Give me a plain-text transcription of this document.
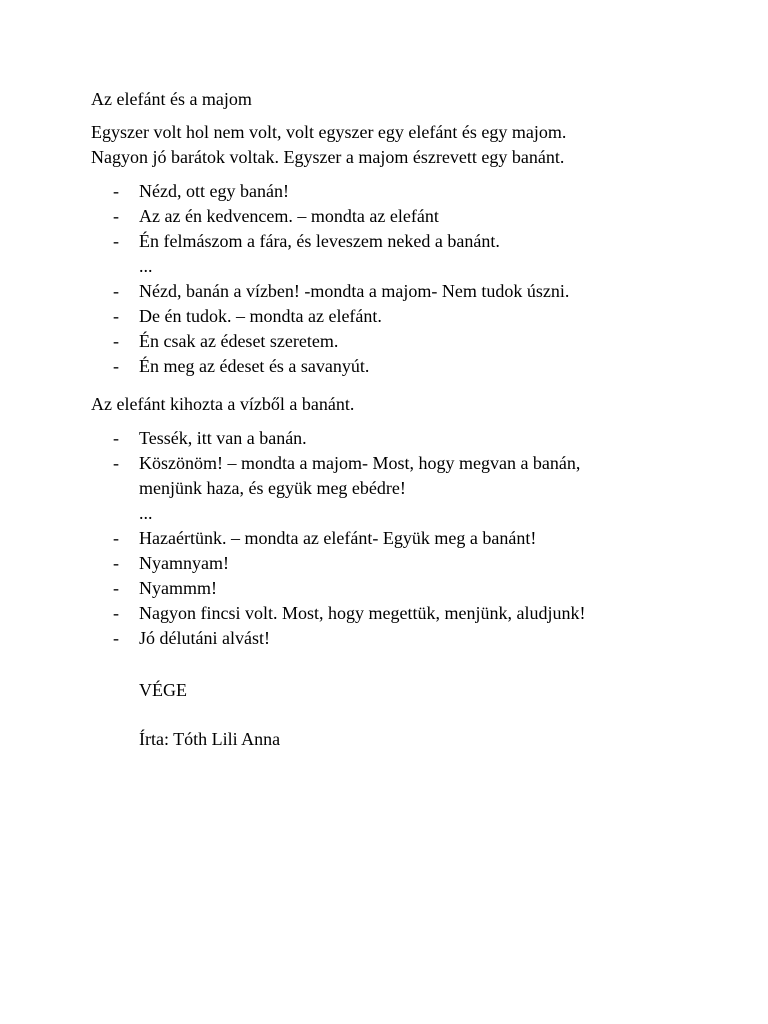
Az elefánt és a majom

Egyszer volt hol nem volt, volt egyszer egy elefánt és egy majom.
Nagyon jó barátok voltak. Egyszer a majom észrevett egy banánt.
- Nézd, ott egy banán!
- Az az én kedvencem. – mondta az elefánt
- Én felmászom a fára, és leveszem neked a banánt.
...
- Nézd, banán a vízben! -mondta a majom- Nem tudok úszni.
- De én tudok. – mondta az elefánt.
- Én csak az édeset szeretem.
- Én meg az édeset és a savanyút.

Az elefánt kihozta a vízből a banánt.

- Tessék, itt van a banán.
- Köszönöm! – mondta a majom- Most, hogy megvan a banán,
menjünk haza, és együk meg ebédre!
...
- Hazaértünk. – mondta az elefánt- Együk meg a banánt!
- Nyamnyam!
- Nyammm!
- Nagyon fincsi volt. Most, hogy megettük, menjünk, aludjunk!
- Jó délutáni alvást!

VÉGE

Írta: Tóth Lili Anna
